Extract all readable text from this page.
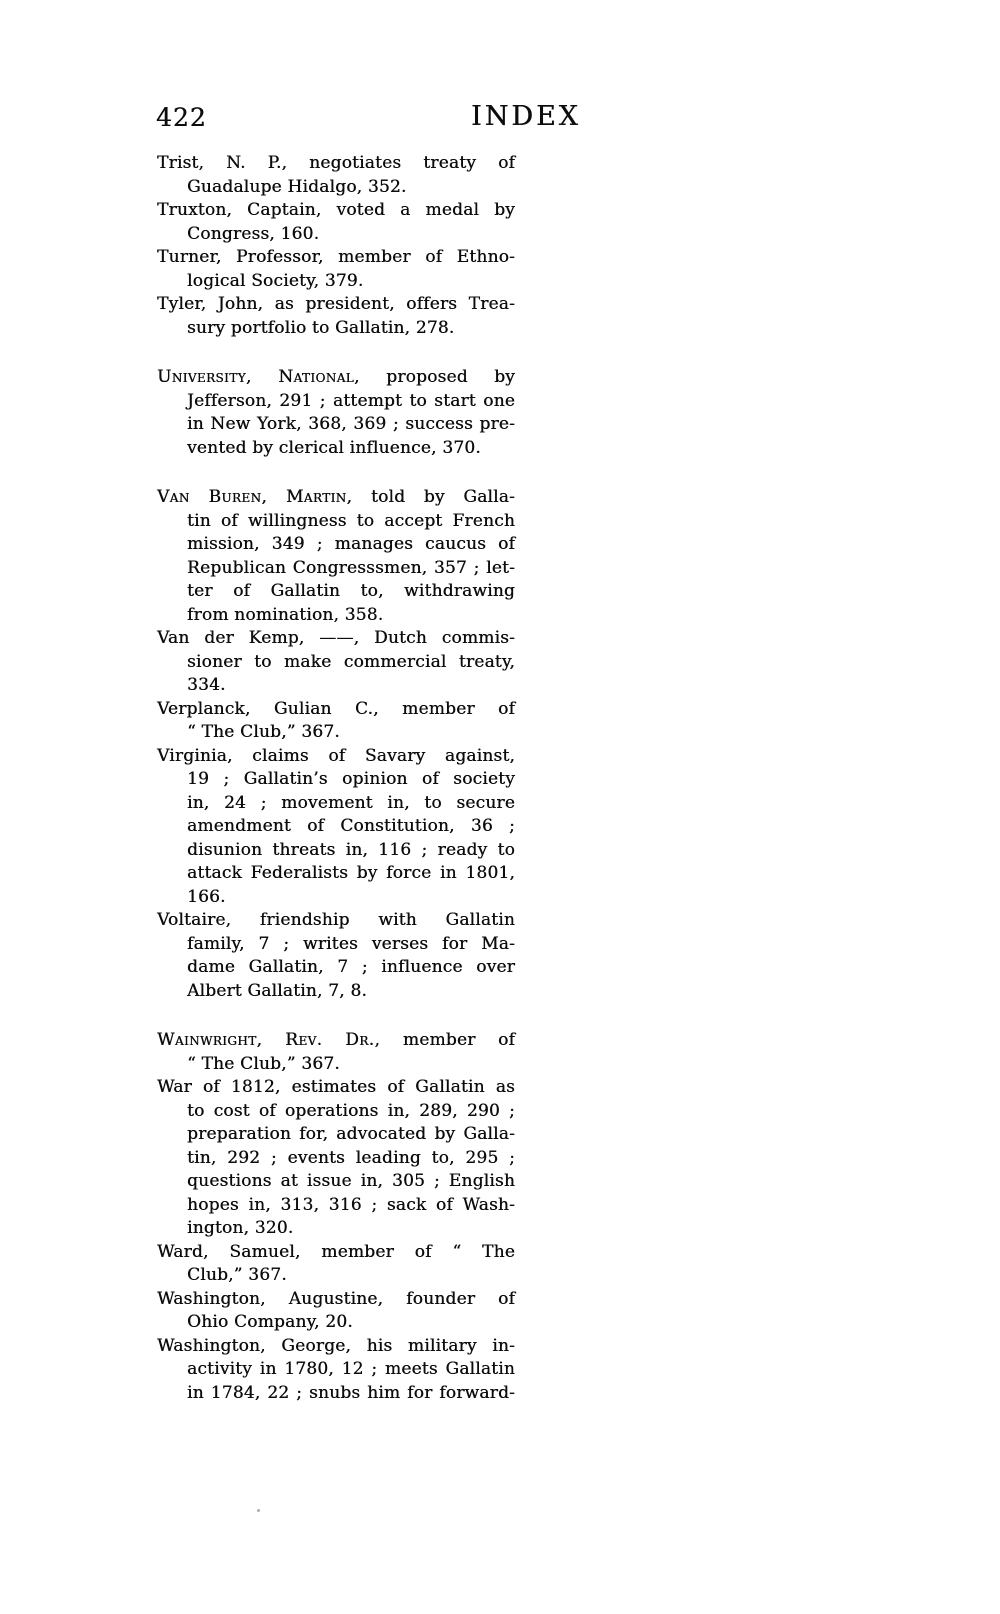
422	INDEX
Trist, N. P., negotiates treaty of
Guadalupe Hidalgo, 352.
Truxton, Captain, voted a medal by
Congress, 160.
Turner, Professor, member of Ethno-
logical Society, 379.
Tyler, John, as president, offers Trea-
sury portfolio to Gallatin, 278.
University, National, proposed by
Jefferson, 291 ; attempt to start one
in New York, 368, 369 ; success pre-
vented by clerical influence, 370.
Van Buren, Martin, told by Galla-
tin of willingness to accept French
mission, 349 ; manages caucus of
Republican Congresssmen, 357 ; let-
ter of Gallatin to, withdrawing
from nomination, 358.
Van der Kemp, ——, Dutch commis-
sioner to make commercial treaty,
334.
Verplanck, Gulian C., member of
“ The Club,” 367.
Virginia, claims of Savary against,
19 ; Gallatin’s opinion of society
in, 24 ; movement in, to secure
amendment of Constitution, 36 ;
disunion threats in, 116 ; ready to
attack Federalists by force in 1801,
166.
Voltaire, friendship with Gallatin
family, 7 ; writes verses for Ma-
dame Gallatin, 7 ; influence over
Albert Gallatin, 7, 8.
Wainwright, Rev. Dr., member of
“ The Club,” 367.
War of 1812, estimates of Gallatin as
to cost of operations in, 289, 290 ;
preparation for, advocated by Galla-
tin, 292 ; events leading to, 295 ;
questions at issue in, 305 ; English
hopes in, 313, 316 ; sack of Wash-
ington, 320.
Ward, Samuel, member of “ The
Club,” 367.
Washington, Augustine, founder of
Ohio Company, 20.
Washington, George, his military in-
activity in 1780, 12 ; meets Gallatin
in 1784, 22 ; snubs him for forward-
